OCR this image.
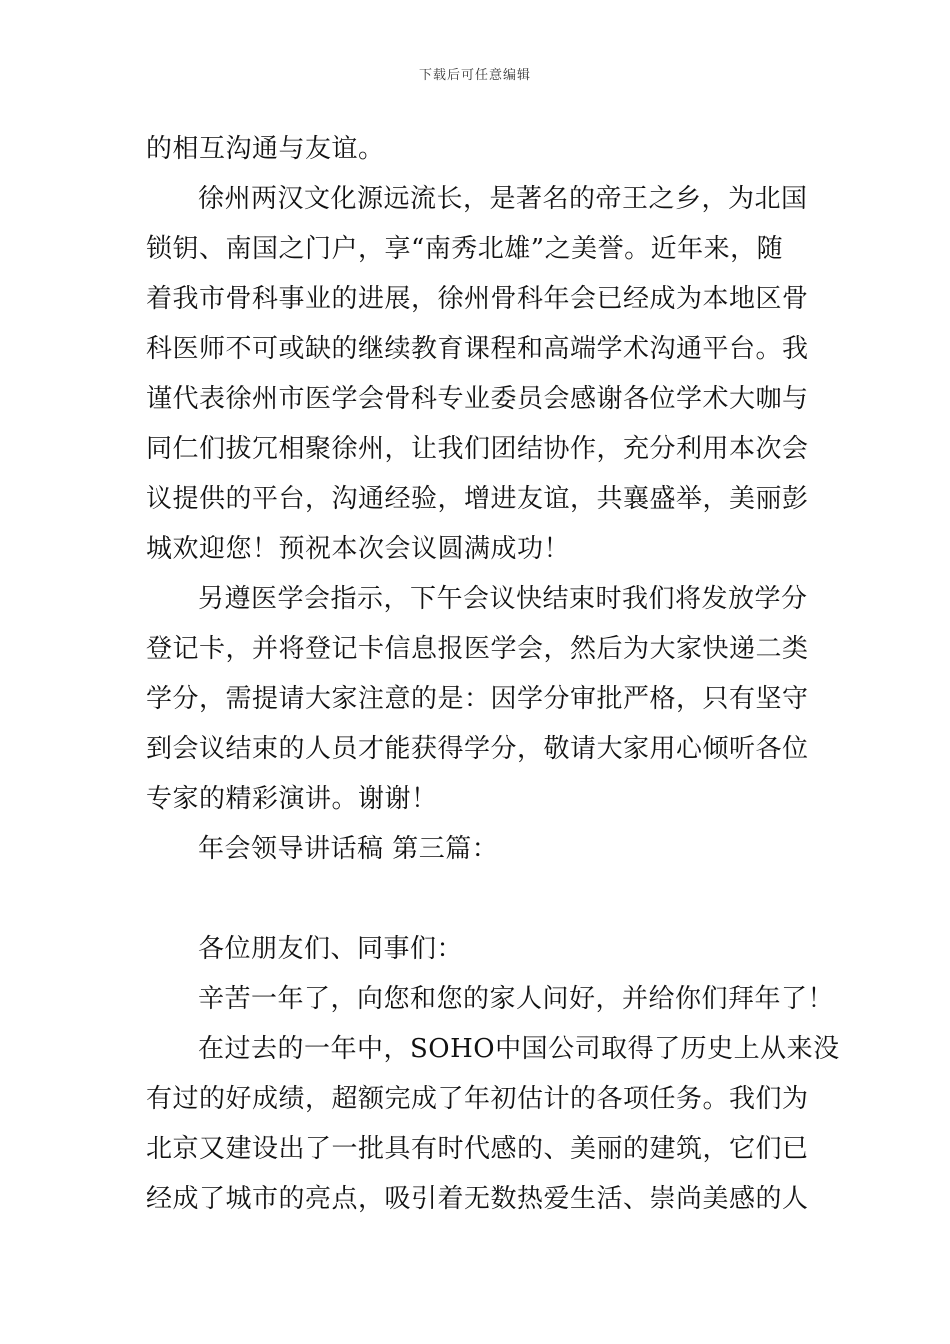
下载后可任意编辑
的相互沟通与友谊。
徐州两汉文化源远流长，是著名的帝王之乡，为北国
锁钥、南国之门户，享“南秀北雄”之美誉。近年来，随
着我市骨科事业的进展，徐州骨科年会已经成为本地区骨
科医师不可或缺的继续教育课程和高端学术沟通平台。我
谨代表徐州市医学会骨科专业委员会感谢各位学术大咖与
同仁们拔冗相聚徐州，让我们团结协作，充分利用本次会
议提供的平台，沟通经验，增进友谊，共襄盛举，美丽彭
城欢迎您！预祝本次会议圆满成功！
另遵医学会指示，下午会议快结束时我们将发放学分
登记卡，并将登记卡信息报医学会，然后为大家快递二类
学分，需提请大家注意的是：因学分审批严格，只有坚守
到会议结束的人员才能获得学分，敬请大家用心倾听各位
专家的精彩演讲。谢谢！
年会领导讲话稿 第三篇：
各位朋友们、同事们：
辛苦一年了，向您和您的家人问好，并给你们拜年了！
在过去的一年中，SOHO中国公司取得了历史上从来没
有过的好成绩，超额完成了年初估计的各项任务。我们为
北京又建设出了一批具有时代感的、美丽的建筑，它们已
经成了城市的亮点，吸引着无数热爱生活、崇尚美感的人
